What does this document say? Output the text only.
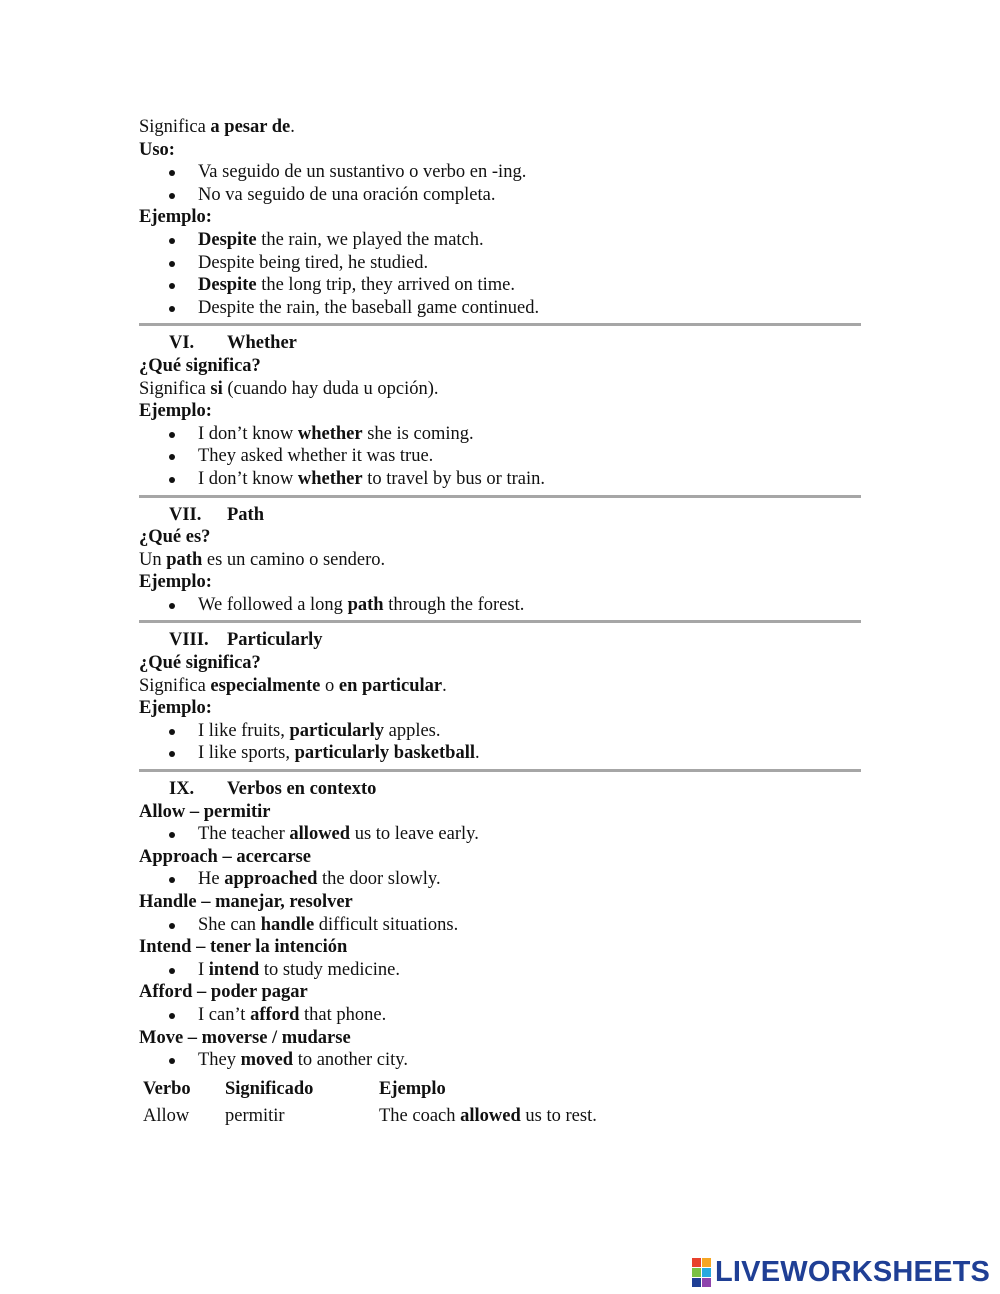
Significa a pesar de.
Uso:
Va seguido de un sustantivo o verbo en -ing.
No va seguido de una oración completa.
Ejemplo:
Despite the rain, we played the match.
Despite being tired, he studied.
Despite the long trip, they arrived on time.
Despite the rain, the baseball game continued.
VI. Whether
¿Qué significa?
Significa si (cuando hay duda u opción).
Ejemplo:
I don’t know whether she is coming.
They asked whether it was true.
I don’t know whether to travel by bus or train.
VII. Path
¿Qué es?
Un path es un camino o sendero.
Ejemplo:
We followed a long path through the forest.
VIII. Particularly
¿Qué significa?
Significa especialmente o en particular.
Ejemplo:
I like fruits, particularly apples.
I like sports, particularly basketball.
IX. Verbos en contexto
Allow – permitir
The teacher allowed us to leave early.
Approach – acercarse
He approached the door slowly.
Handle – manejar, resolver
She can handle difficult situations.
Intend – tener la intención
I intend to study medicine.
Afford – poder pagar
I can’t afford that phone.
Move – moverse / mudarse
They moved to another city.
Verbo	Significado	Ejemplo
Allow	permitir	The coach allowed us to rest.
LIVEWORKSHEETS
